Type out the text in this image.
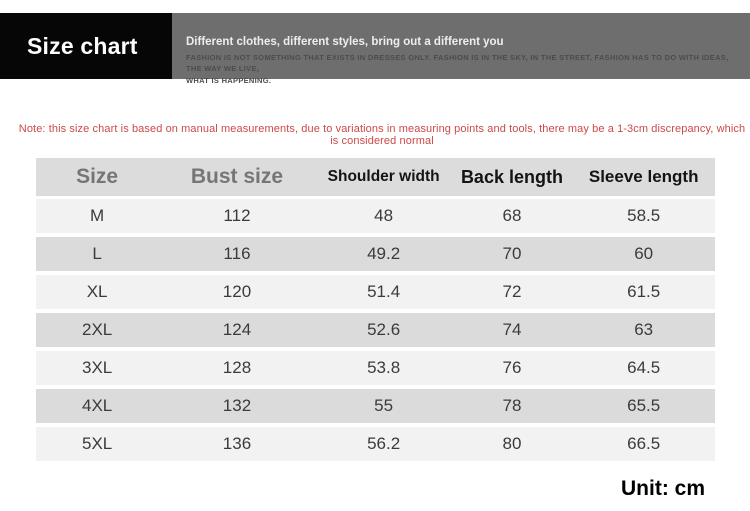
Size chart	Different clothes, different styles, bring out a different you
FASHION IS NOT SOMETHING THAT EXISTS IN DRESSES ONLY. FASHION IS IN THE SKY, IN THE STREET, FASHION HAS TO DO WITH IDEAS, THE WAY WE LIVE,
WHAT IS HAPPENING.
Note: this size chart is based on manual measurements, due to variations in measuring points and tools, there may be a 1-3cm discrepancy, which is considered normal
Size	Bust size	Shoulder width	Back length	Sleeve length
M	112	48	68	58.5
L	116	49.2	70	60
XL	120	51.4	72	61.5
2XL	124	52.6	74	63
3XL	128	53.8	76	64.5
4XL	132	55	78	65.5
5XL	136	56.2	80	66.5
Unit: cm
